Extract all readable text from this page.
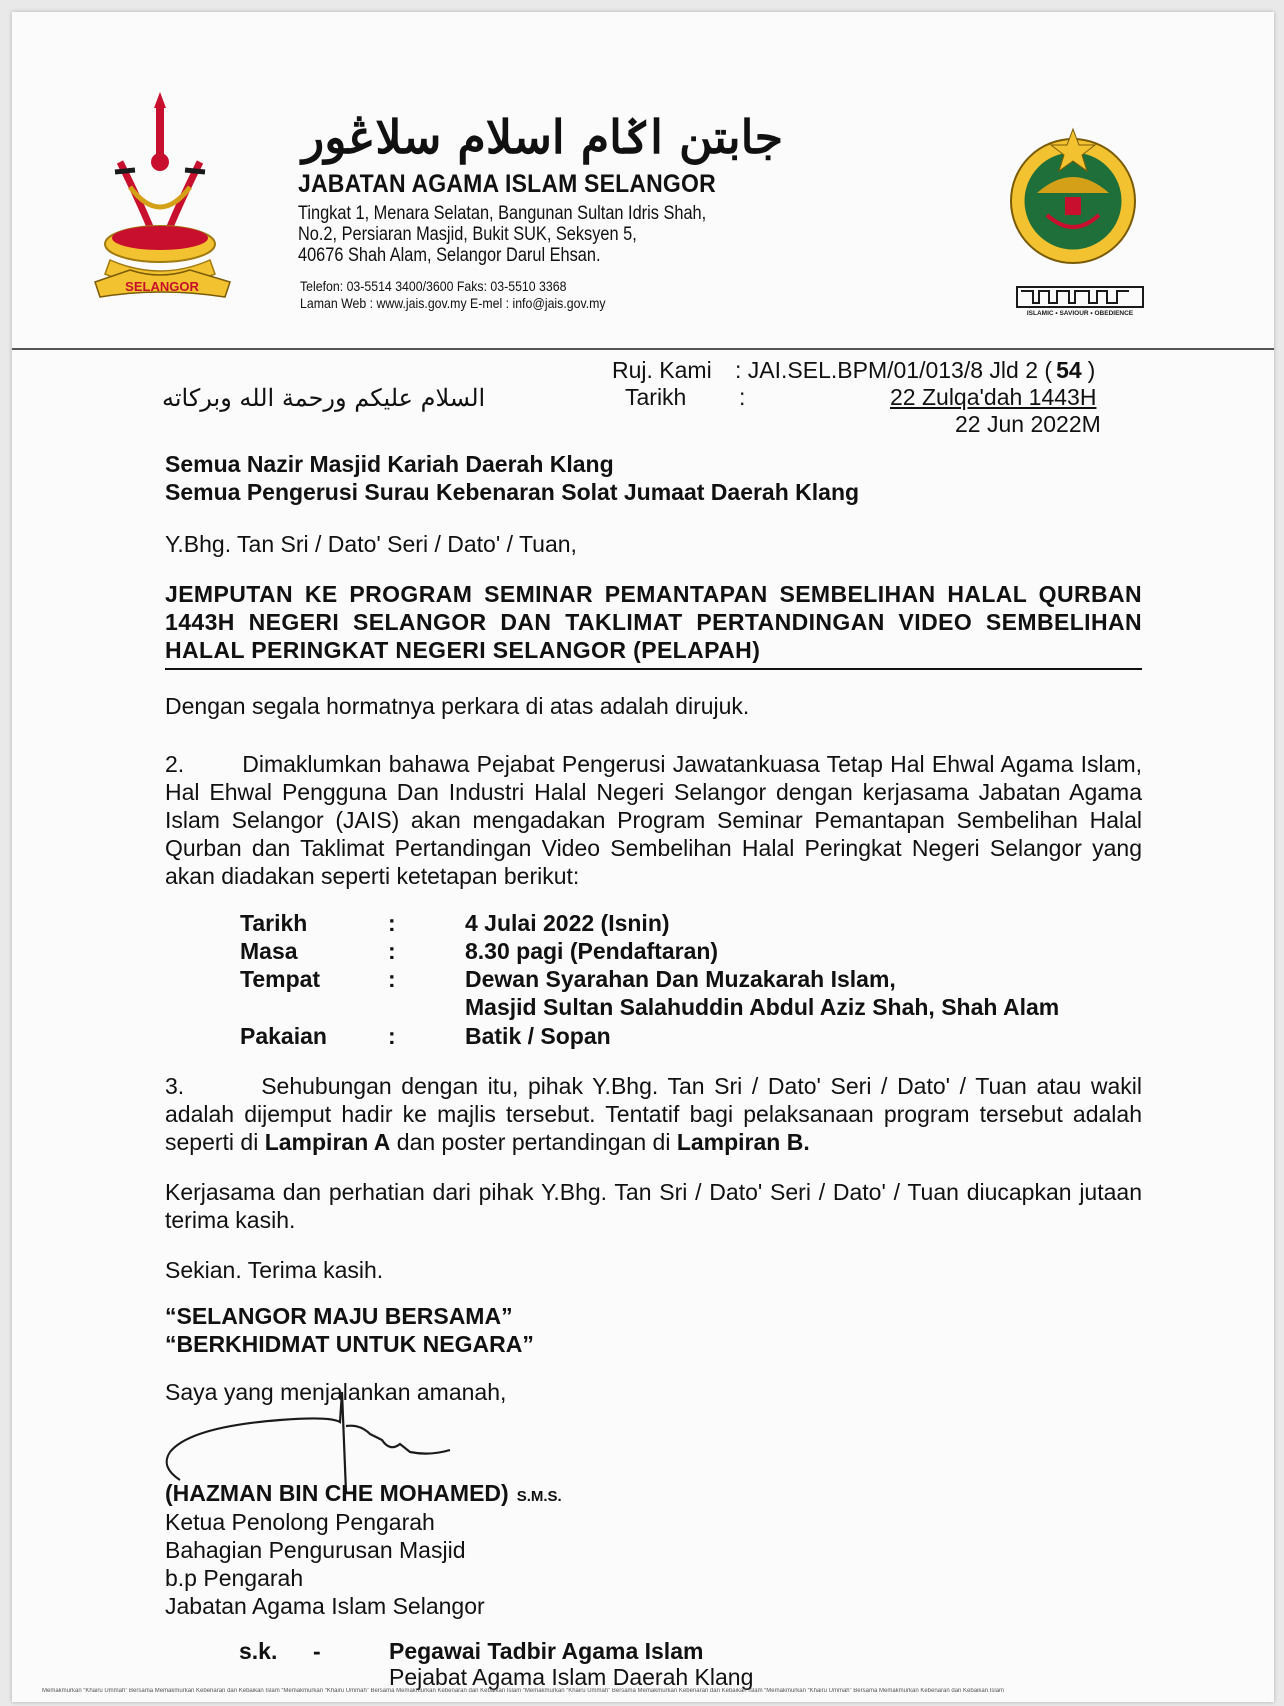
SELANGOR
جابتن اݢام اسلام سلاڠور
JABATAN AGAMA ISLAM SELANGOR
Tingkat 1, Menara Selatan, Bangunan Sultan Idris Shah,
No.2, Persiaran Masjid, Bukit SUK, Seksyen 5,
40676 Shah Alam, Selangor Darul Ehsan.
Telefon: 03-5514 3400/3600 Faks: 03-5510 3368
Laman Web : www.jais.gov.my E-mel : info@jais.gov.my
ISLAMIC • SAVIOUR • OBEDIENCE
السلام عليكم ورحمة الله وبركاته
Ruj. Kami : JAI.SEL.BPM/01/013/8 Jld 2 ( 54 )
Tarikh :	22 Zulqa'dah 1443H
22 Jun 2022M
Semua Nazir Masjid Kariah Daerah Klang
Semua Pengerusi Surau Kebenaran Solat Jumaat Daerah Klang
Y.Bhg. Tan Sri / Dato' Seri / Dato' / Tuan,
JEMPUTAN KE PROGRAM SEMINAR PEMANTAPAN SEMBELIHAN HALAL QURBAN 1443H NEGERI SELANGOR DAN TAKLIMAT PERTANDINGAN VIDEO SEMBELIHAN HALAL PERINGKAT NEGERI SELANGOR (PELAPAH)
Dengan segala hormatnya perkara di atas adalah dirujuk.
2.        Dimaklumkan bahawa Pejabat Pengerusi Jawatankuasa Tetap Hal Ehwal Agama Islam, Hal Ehwal Pengguna Dan Industri Halal Negeri Selangor dengan kerjasama Jabatan Agama Islam Selangor (JAIS) akan mengadakan Program Seminar Pemantapan Sembelihan Halal Qurban dan Taklimat Pertandingan Video Sembelihan Halal Peringkat Negeri Selangor yang akan diadakan seperti ketetapan berikut:
Tarikh	:	4 Julai 2022 (Isnin)
Masa	:	8.30 pagi (Pendaftaran)
Tempat	:	Dewan Syarahan Dan Muzakarah Islam,
Masjid Sultan Salahuddin Abdul Aziz Shah, Shah Alam
Pakaian	:	Batik / Sopan
3.        Sehubungan dengan itu, pihak Y.Bhg. Tan Sri / Dato' Seri / Dato' / Tuan atau wakil adalah dijemput hadir ke majlis tersebut. Tentatif bagi pelaksanaan program tersebut adalah seperti di Lampiran A dan poster pertandingan di Lampiran B.
Kerjasama dan perhatian dari pihak Y.Bhg. Tan Sri / Dato' Seri / Dato' / Tuan diucapkan jutaan terima kasih.
Sekian. Terima kasih.
“SELANGOR MAJU BERSAMA”
“BERKHIDMAT UNTUK NEGARA”
Saya yang menjalankan amanah,
(HAZMAN BIN CHE MOHAMED) S.M.S.
Ketua Penolong Pengarah
Bahagian Pengurusan Masjid
b.p Pengarah
Jabatan Agama Islam Selangor
s.k. -	Pegawai Tadbir Agama Islam
Pejabat Agama Islam Daerah Klang
Memakmurkan “Khairu Ummah” Bersama Memakmurkan Kebenaran dan Kebaikan Islam “Memakmurkan “Khairu Ummah” Bersama Memakmurkan Kebenaran dan Kebaikan Islam “Memakmurkan “Khairu Ummah” Bersama Memakmurkan Kebenaran dan Kebaikan Islam “Memakmurkan “Khairu Ummah” Bersama Memakmurkan Kebenaran dan Kebaikan Islam
